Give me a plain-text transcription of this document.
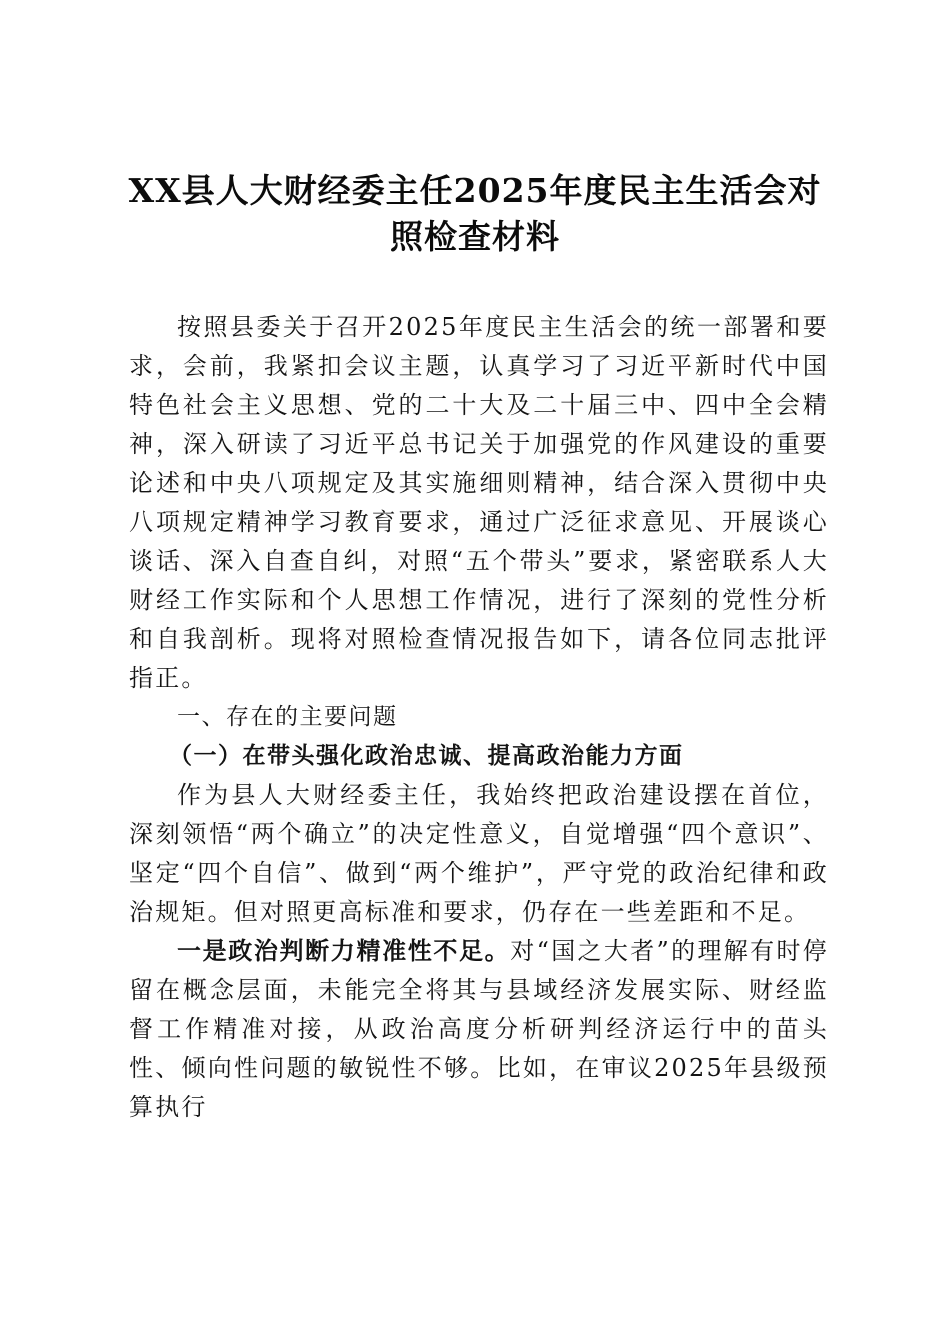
XX县人大财经委主任2025年度民主生活会对照检查材料

按照县委关于召开2025年度民主生活会的统一部署和要求，会前，我紧扣会议主题，认真学习了习近平新时代中国特色社会主义思想、党的二十大及二十届三中、四中全会精神，深入研读了习近平总书记关于加强党的作风建设的重要论述和中央八项规定及其实施细则精神，结合深入贯彻中央八项规定精神学习教育要求，通过广泛征求意见、开展谈心谈话、深入自查自纠，对照“五个带头”要求，紧密联系人大财经工作实际和个人思想工作情况，进行了深刻的党性分析和自我剖析。现将对照检查情况报告如下，请各位同志批评指正。

一、存在的主要问题

（一）在带头强化政治忠诚、提高政治能力方面

作为县人大财经委主任，我始终把政治建设摆在首位，深刻领悟“两个确立”的决定性意义，自觉增强“四个意识”、坚定“四个自信”、做到“两个维护”，严守党的政治纪律和政治规矩。但对照更高标准和要求，仍存在一些差距和不足。

一是政治判断力精准性不足。对“国之大者”的理解有时停留在概念层面，未能完全将其与县域经济发展实际、财经监督工作精准对接，从政治高度分析研判经济运行中的苗头性、倾向性问题的敏锐性不够。比如，在审议2025年县级预算执行
